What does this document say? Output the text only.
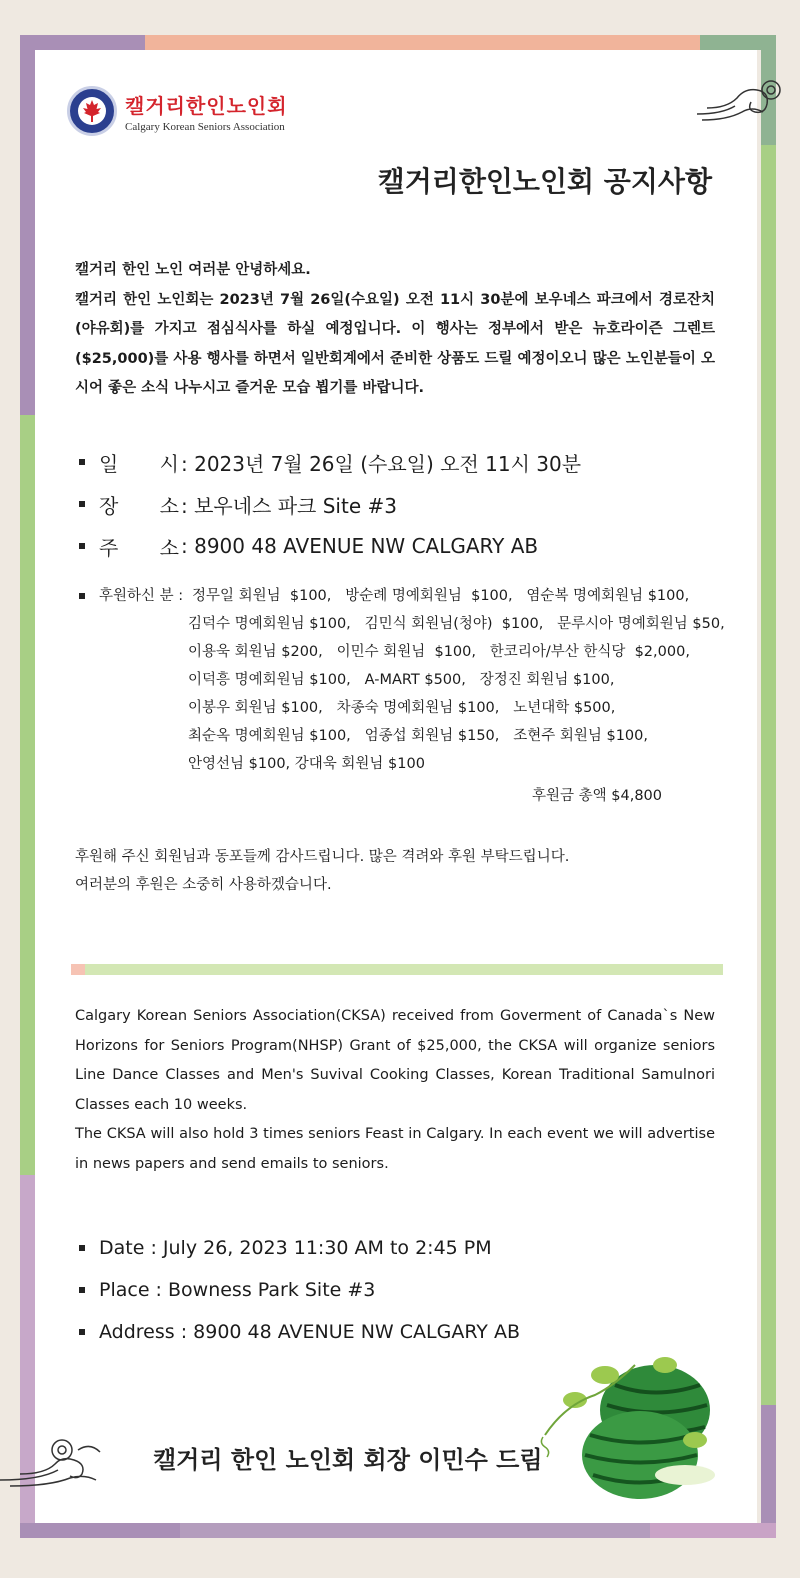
캘거리한인노인회
Calgary Korean Seniors Association
캘거리한인노인회 공지사항

캘거리 한인 노인 여러분 안녕하세요.

캘거리 한인 노인회는 2023년 7월 26일(수요일) 오전 11시 30분에 보우네스 파크에서 경로잔치(야유회)를 가지고 점심식사를 하실 예정입니다. 이 행사는 정부에서 받은 뉴호라이즌 그렌트($25,000)를 사용 행사를 하면서 일반회계에서 준비한 상품도 드릴 예정이오니 많은 노인분들이 오시어 좋은 소식 나누시고 즐거운 모습 뵙기를 바랍니다.

일 시 : 2023년 7월 26일 (수요일) 오전 11시 30분
장 소 : 보우네스 파크 Site #3
주 소 : 8900 48 AVENUE NW CALGARY AB
후원하신 분 : 정무일 회원님  $100,   방순례 명예회원님  $100,   염순복 명예회원님 $100,
김덕수 명예회원님 $100,   김민식 회원님(청야)  $100,   문루시아 명예회원님 $50,
이용욱 회원님 $200,   이민수 회원님  $100,   한코리아/부산 한식당  $2,000,
이덕흥 명예회원님 $100,   A-MART $500,   장정진 회원님 $100,
이봉우 회원님 $100,   차종숙 명예회원님 $100,   노년대학 $500,
최순옥 명예회원님 $100,   엄종섭 회원님 $150,   조현주 회원님 $100,
안영선님 $100, 강대욱 회원님 $100
후원금 총액 $4,800

후원해 주신 회원님과 동포들께 감사드립니다. 많은 격려와 후원 부탁드립니다.

여러분의 후원은 소중히 사용하겠습니다.

Calgary Korean Seniors Association(CKSA) received from Goverment of Canada`s New Horizons for Seniors Program(NHSP) Grant of $25,000, the CKSA will organize seniors Line Dance Classes and Men's Suvival Cooking Classes, Korean Traditional Samulnori Classes each 10 weeks.

The CKSA will also hold 3 times seniors Feast in Calgary. In each event we will advertise in news papers and send emails to seniors.

Date : July 26, 2023 11:30 AM to 2:45 PM
Place : Bowness Park Site #3
Address : 8900 48 AVENUE NW CALGARY AB
캘거리 한인 노인회 회장 이민수 드림
